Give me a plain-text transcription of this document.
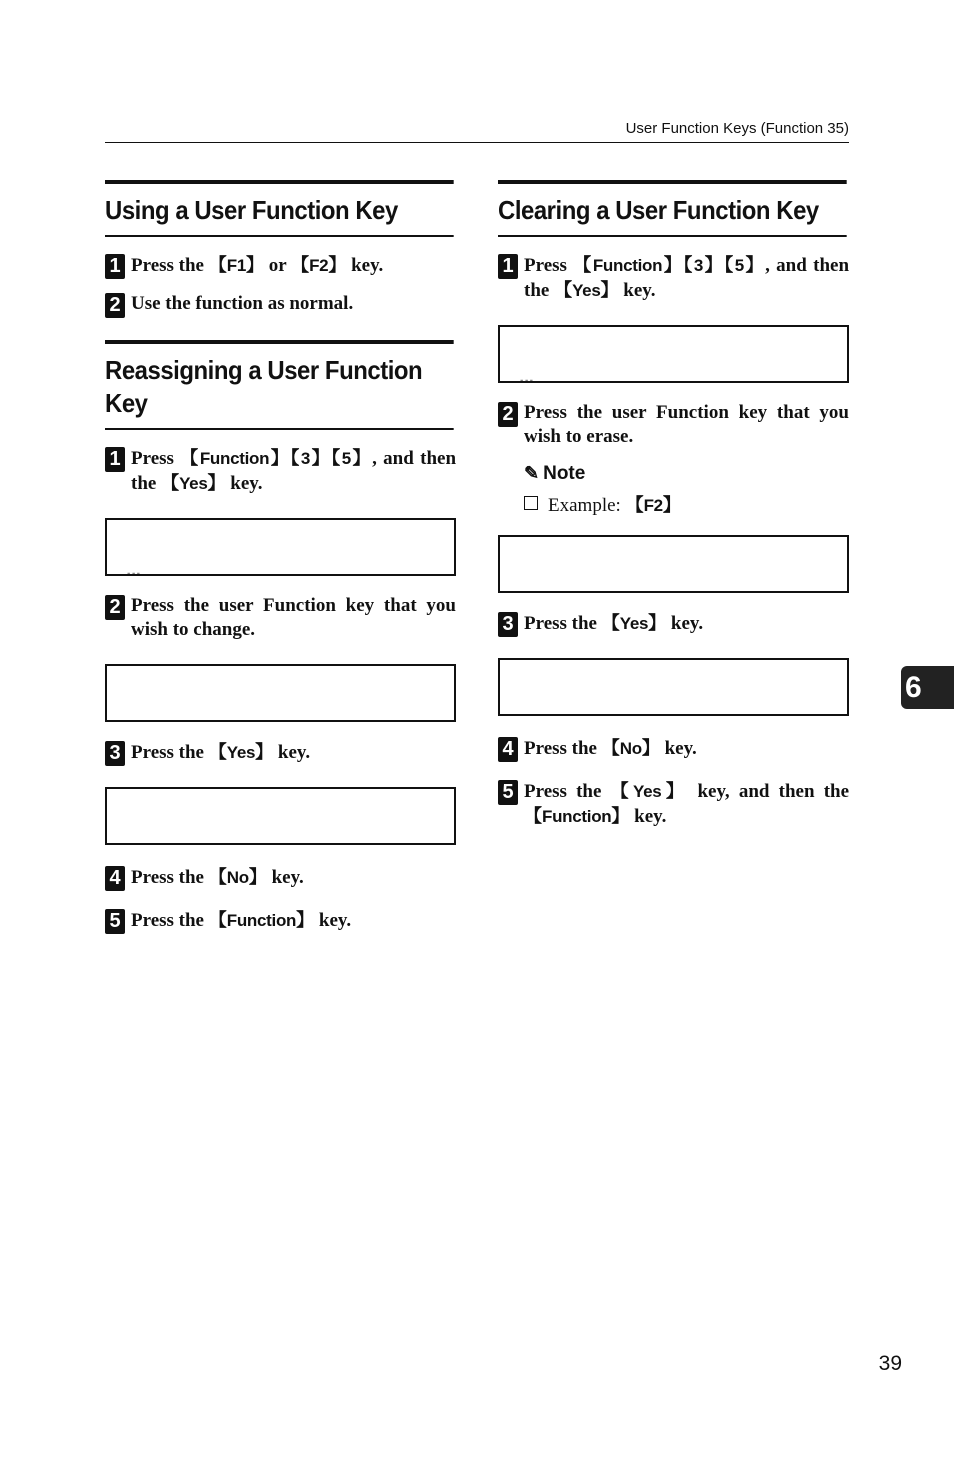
User Function Keys (Function 35)
Using a User Function Key
1 Press the 【F1】 or 【F2】 key.
2 Use the function as normal.
Reassigning a User Function Key
1 Press 【Function】【3】【5】, and then the 【Yes】 key.

2 Press the user Function key that you wish to change.

3 Press the 【Yes】 key.

4 Press the 【No】 key.
5 Press the 【Function】 key.
Clearing a User Function Key
1 Press 【Function】【3】【5】, and then the 【Yes】 key.

2 Press the user Function key that you wish to erase.
✎ Note
Example: 【F2】

3 Press the 【Yes】 key.

4 Press the 【No】 key.
5 Press the 【Yes】 key, and then the 【Function】 key.
6
39
